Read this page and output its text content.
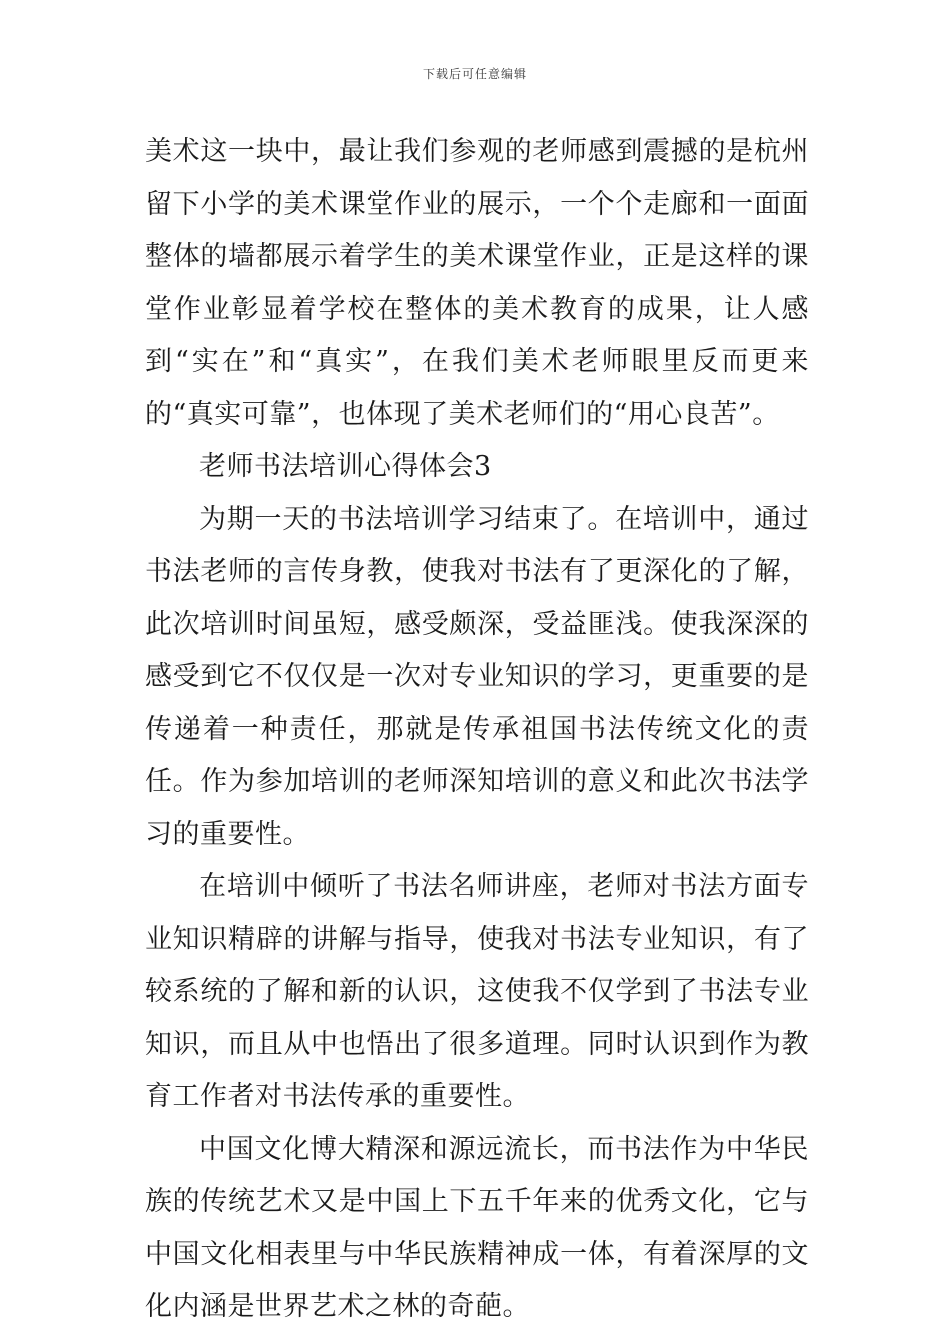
下载后可任意编辑

美术这一块中，最让我们参观的老师感到震撼的是杭州留下小学的美术课堂作业的展示，一个个走廊和一面面整体的墙都展示着学生的美术课堂作业，正是这样的课堂作业彰显着学校在整体的美术教育的成果，让人感到“实在”和“真实”，在我们美术老师眼里反而更来的“真实可靠”，也体现了美术老师们的“用心良苦”。

老师书法培训心得体会3

为期一天的书法培训学习结束了。在培训中，通过书法老师的言传身教，使我对书法有了更深化的了解，此次培训时间虽短，感受颇深，受益匪浅。使我深深的感受到它不仅仅是一次对专业知识的学习，更重要的是传递着一种责任，那就是传承祖国书法传统文化的责任。作为参加培训的老师深知培训的意义和此次书法学习的重要性。

在培训中倾听了书法名师讲座，老师对书法方面专业知识精辟的讲解与指导，使我对书法专业知识，有了较系统的了解和新的认识，这使我不仅学到了书法专业知识，而且从中也悟出了很多道理。同时认识到作为教育工作者对书法传承的重要性。

中国文化博大精深和源远流长，而书法作为中华民族的传统艺术又是中国上下五千年来的优秀文化，它与中国文化相表里与中华民族精神成一体，有着深厚的文化内涵是世界艺术之林的奇葩。
